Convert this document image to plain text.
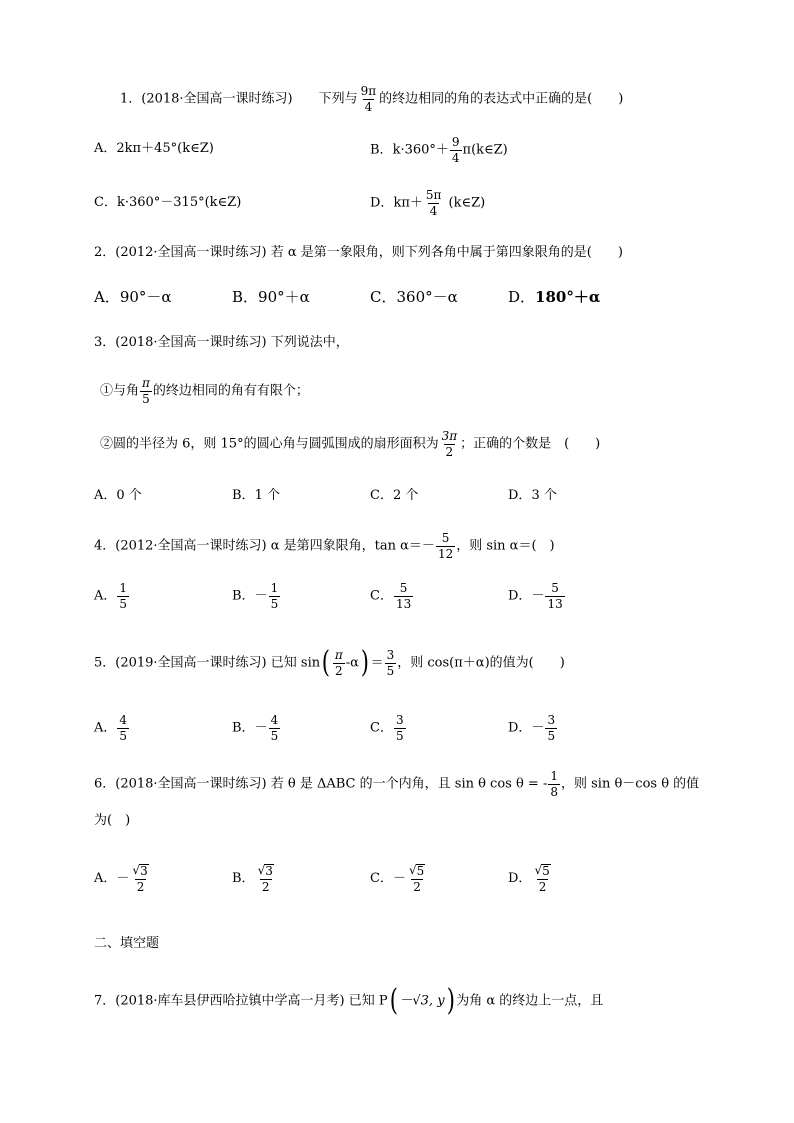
1．(2018·全国高一课时练习)　　下列与 $\frac{9\pi}{4}$ 的终边相同的角的表达式中正确的是(　　)
A．2kπ＋45°(k∈Z)	B．$k\cdot 360^\circ+ \frac{9}{4}$ π(k∈Z)
C．k·360°－315°(k∈Z)	D．$k\pi+ \frac{5\pi}{4}$ (k∈Z)
2．(2012·全国高一课时练习) 若 α 是第一象限角，则下列各角中属于第四象限角的是(　　)
A．90°－α	B．90°＋α	C．360°－α	D．180°＋α
3．(2018·全国高一课时练习) 下列说法中，
①与角 $\frac{\pi}{5}$ 的终边相同的角有有限个；
②圆的半径为 6，则 15°的圆心角与圆弧围成的扇形面积为 $\frac{3\pi}{2}$ ；正确的个数是　(　　)
A．0 个	B．1 个	C．2 个	D．3 个
4．(2012·全国高一课时练习) α 是第四象限角，$\tan \alpha=- \frac{5}{12}$ ，则 sin α＝(　)
A． $\frac{1}{5}$	B．－ $\frac{1}{5}$	C． $\frac{5}{13}$	D．－ $\frac{5}{13}$
5．(2019·全国高一课时练习) 已知 $\sin( \frac{\pi}{2} -\alpha) = \frac{3}{5}$ ，则 cos(π＋α)的值为(　　)
A． $\frac{4}{5}$	B．－ $\frac{4}{5}$	C． $\frac{3}{5}$	D．－ $\frac{3}{5}$
6．(2018·全国高一课时练习) 若 θ 是 ΔABC 的一个内角，且 sin θ cos θ = - $\frac{1}{8}$ ，则 sin θ－cos θ 的值
为(　)
A．－ $\frac{√ 3}{2}$	B． $\frac{√ 3}{2}$	C．－ $\frac{√ 5}{2}$	D． $\frac{√ 5}{2}$
二、填空题
7．(2018·库车县伊西哈拉镇中学高一月考) 已知 P( －√3, y) 为角 α 的终边上一点，且
